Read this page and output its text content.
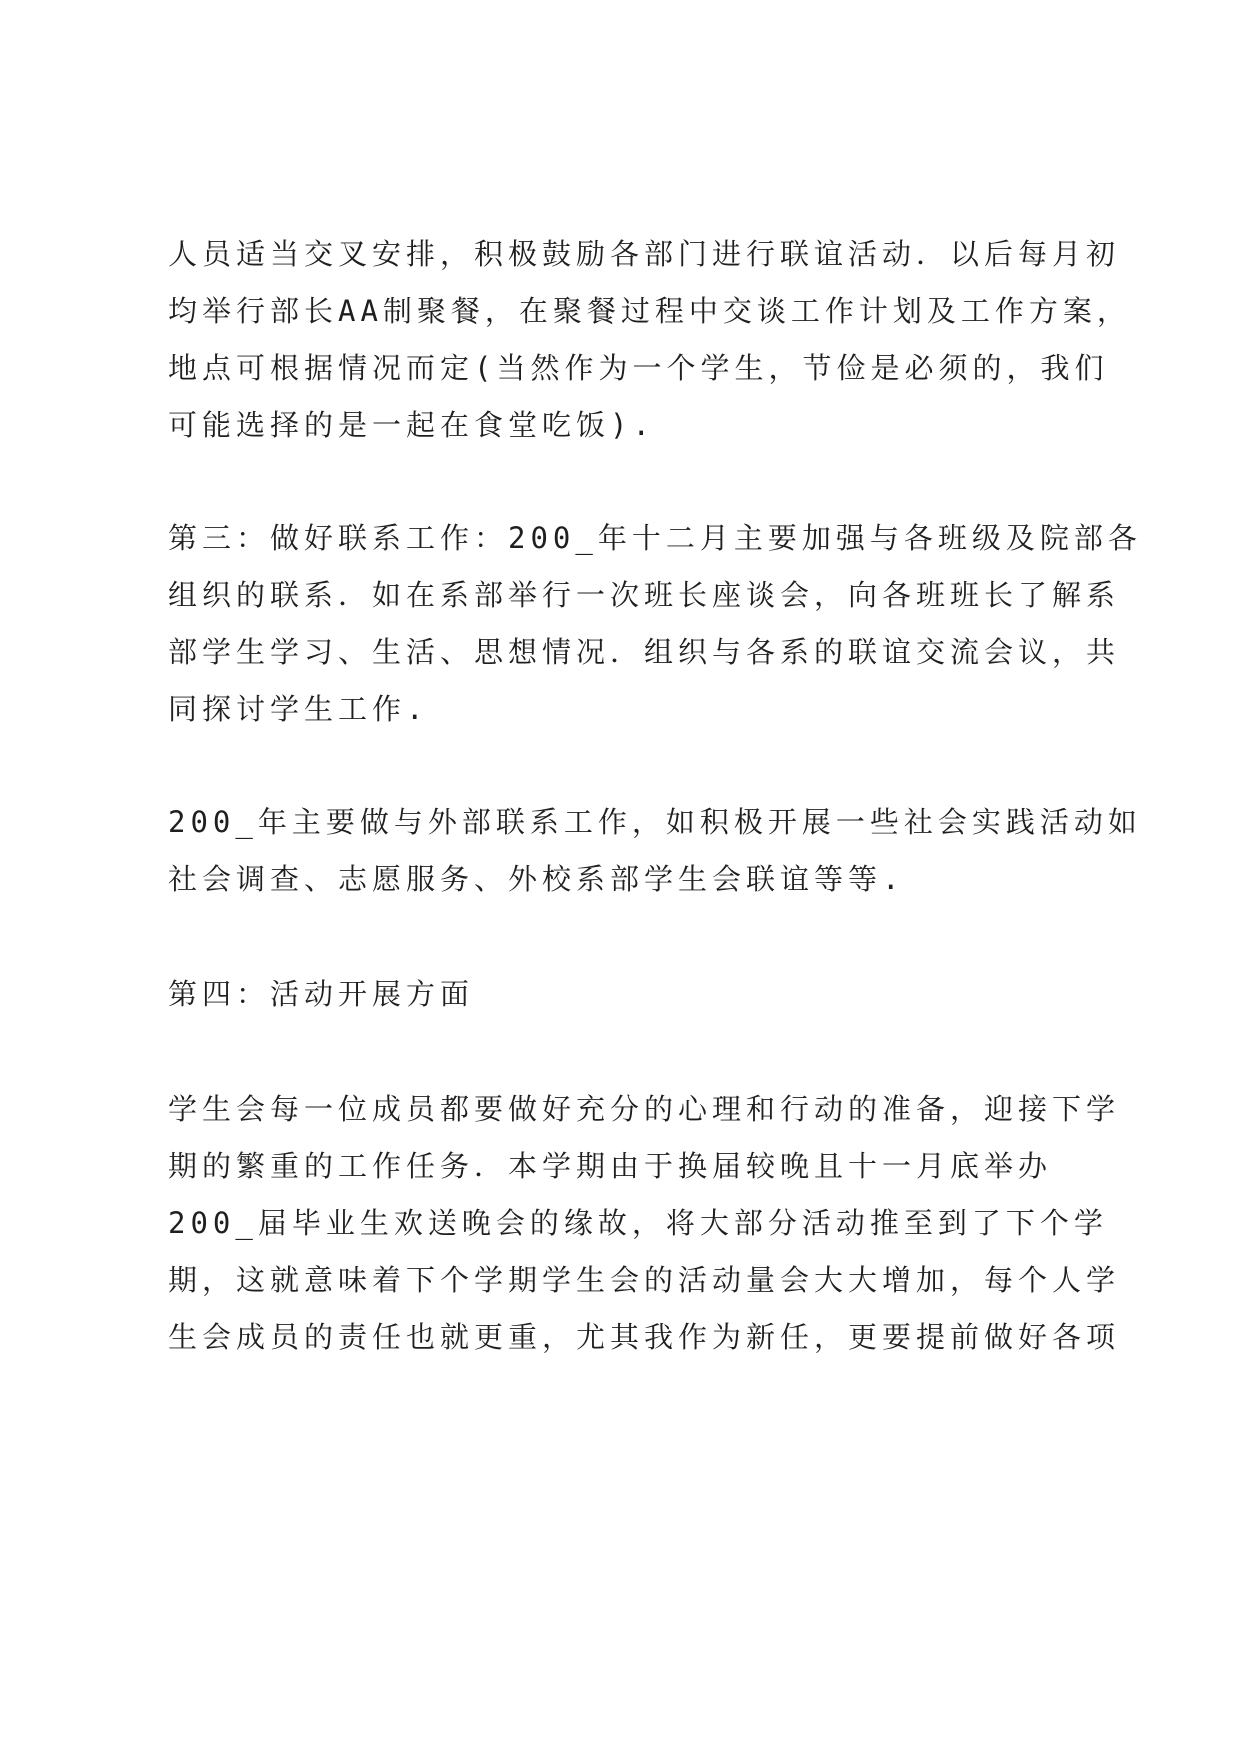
人员适当交叉安排，积极鼓励各部门进行联谊活动．以后每月初
均举行部长AA制聚餐，在聚餐过程中交谈工作计划及工作方案，
地点可根据情况而定(当然作为一个学生，节俭是必须的，我们
可能选择的是一起在食堂吃饭).
第三：做好联系工作：200_年十二月主要加强与各班级及院部各
组织的联系．如在系部举行一次班长座谈会，向各班班长了解系
部学生学习、生活、思想情况．组织与各系的联谊交流会议，共
同探讨学生工作.
200_年主要做与外部联系工作，如积极开展一些社会实践活动如
社会调查、志愿服务、外校系部学生会联谊等等.
第四：活动开展方面
学生会每一位成员都要做好充分的心理和行动的准备，迎接下学
期的繁重的工作任务．本学期由于换届较晚且十一月底举办
200_届毕业生欢送晚会的缘故，将大部分活动推至到了下个学
期，这就意味着下个学期学生会的活动量会大大增加，每个人学
生会成员的责任也就更重，尤其我作为新任，更要提前做好各项
